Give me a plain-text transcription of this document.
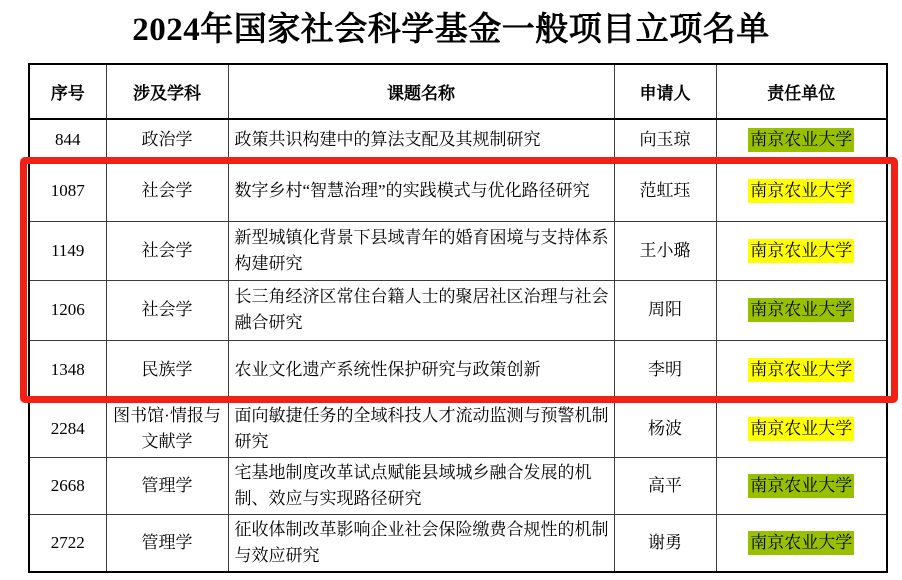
2024年国家社会科学基金一般项目立项名单
序号	涉及学科	课题名称	申请人	责任单位
844	政治学	政策共识构建中的算法支配及其规制研究	向玉琼	南京农业大学
1087	社会学	数字乡村“智慧治理”的实践模式与优化路径研究	范虹珏	南京农业大学
1149	社会学	新型城镇化背景下县域青年的婚育困境与支持体系构建研究	王小璐	南京农业大学
1206	社会学	长三角经济区常住台籍人士的聚居社区治理与社会融合研究	周阳	南京农业大学
1348	民族学	农业文化遗产系统性保护研究与政策创新	李明	南京农业大学
2284	图书馆·情报与文献学	面向敏捷任务的全域科技人才流动监测与预警机制研究	杨波	南京农业大学
2668	管理学	宅基地制度改革试点赋能县域城乡融合发展的机制、效应与实现路径研究	高平	南京农业大学
2722	管理学	征收体制改革影响企业社会保险缴费合规性的机制与效应研究	谢勇	南京农业大学
